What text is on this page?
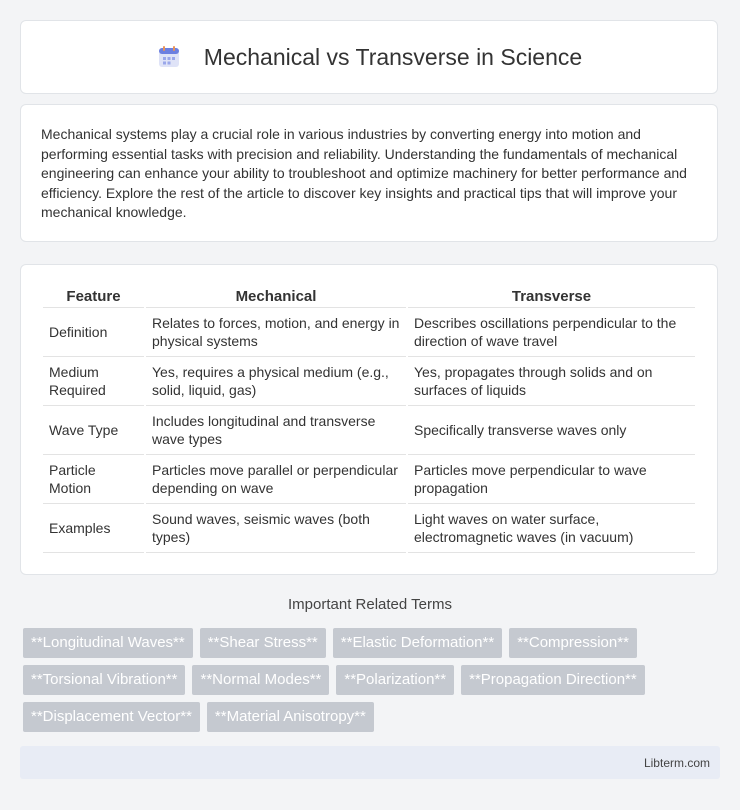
Mechanical vs Transverse in Science

Mechanical systems play a crucial role in various industries by converting energy into motion and performing essential tasks with precision and reliability. Understanding the fundamentals of mechanical engineering can enhance your ability to troubleshoot and optimize machinery for better performance and efficiency. Explore the rest of the article to discover key insights and practical tips that will improve your mechanical knowledge.

Feature	Mechanical	Transverse
Definition	Relates to forces, motion, and energy in physical systems	Describes oscillations perpendicular to the direction of wave travel
Medium Required	Yes, requires a physical medium (e.g., solid, liquid, gas)	Yes, propagates through solids and on surfaces of liquids
Wave Type	Includes longitudinal and transverse wave types	Specifically transverse waves only
Particle Motion	Particles move parallel or perpendicular depending on wave	Particles move perpendicular to wave propagation
Examples	Sound waves, seismic waves (both types)	Light waves on water surface, electromagnetic waves (in vacuum)
Important Related Terms
**Longitudinal Waves**	**Shear Stress**	**Elastic Deformation**	**Compression**
**Torsional Vibration**	**Normal Modes**	**Polarization**	**Propagation Direction**
**Displacement Vector**	**Material Anisotropy**
Libterm.com
